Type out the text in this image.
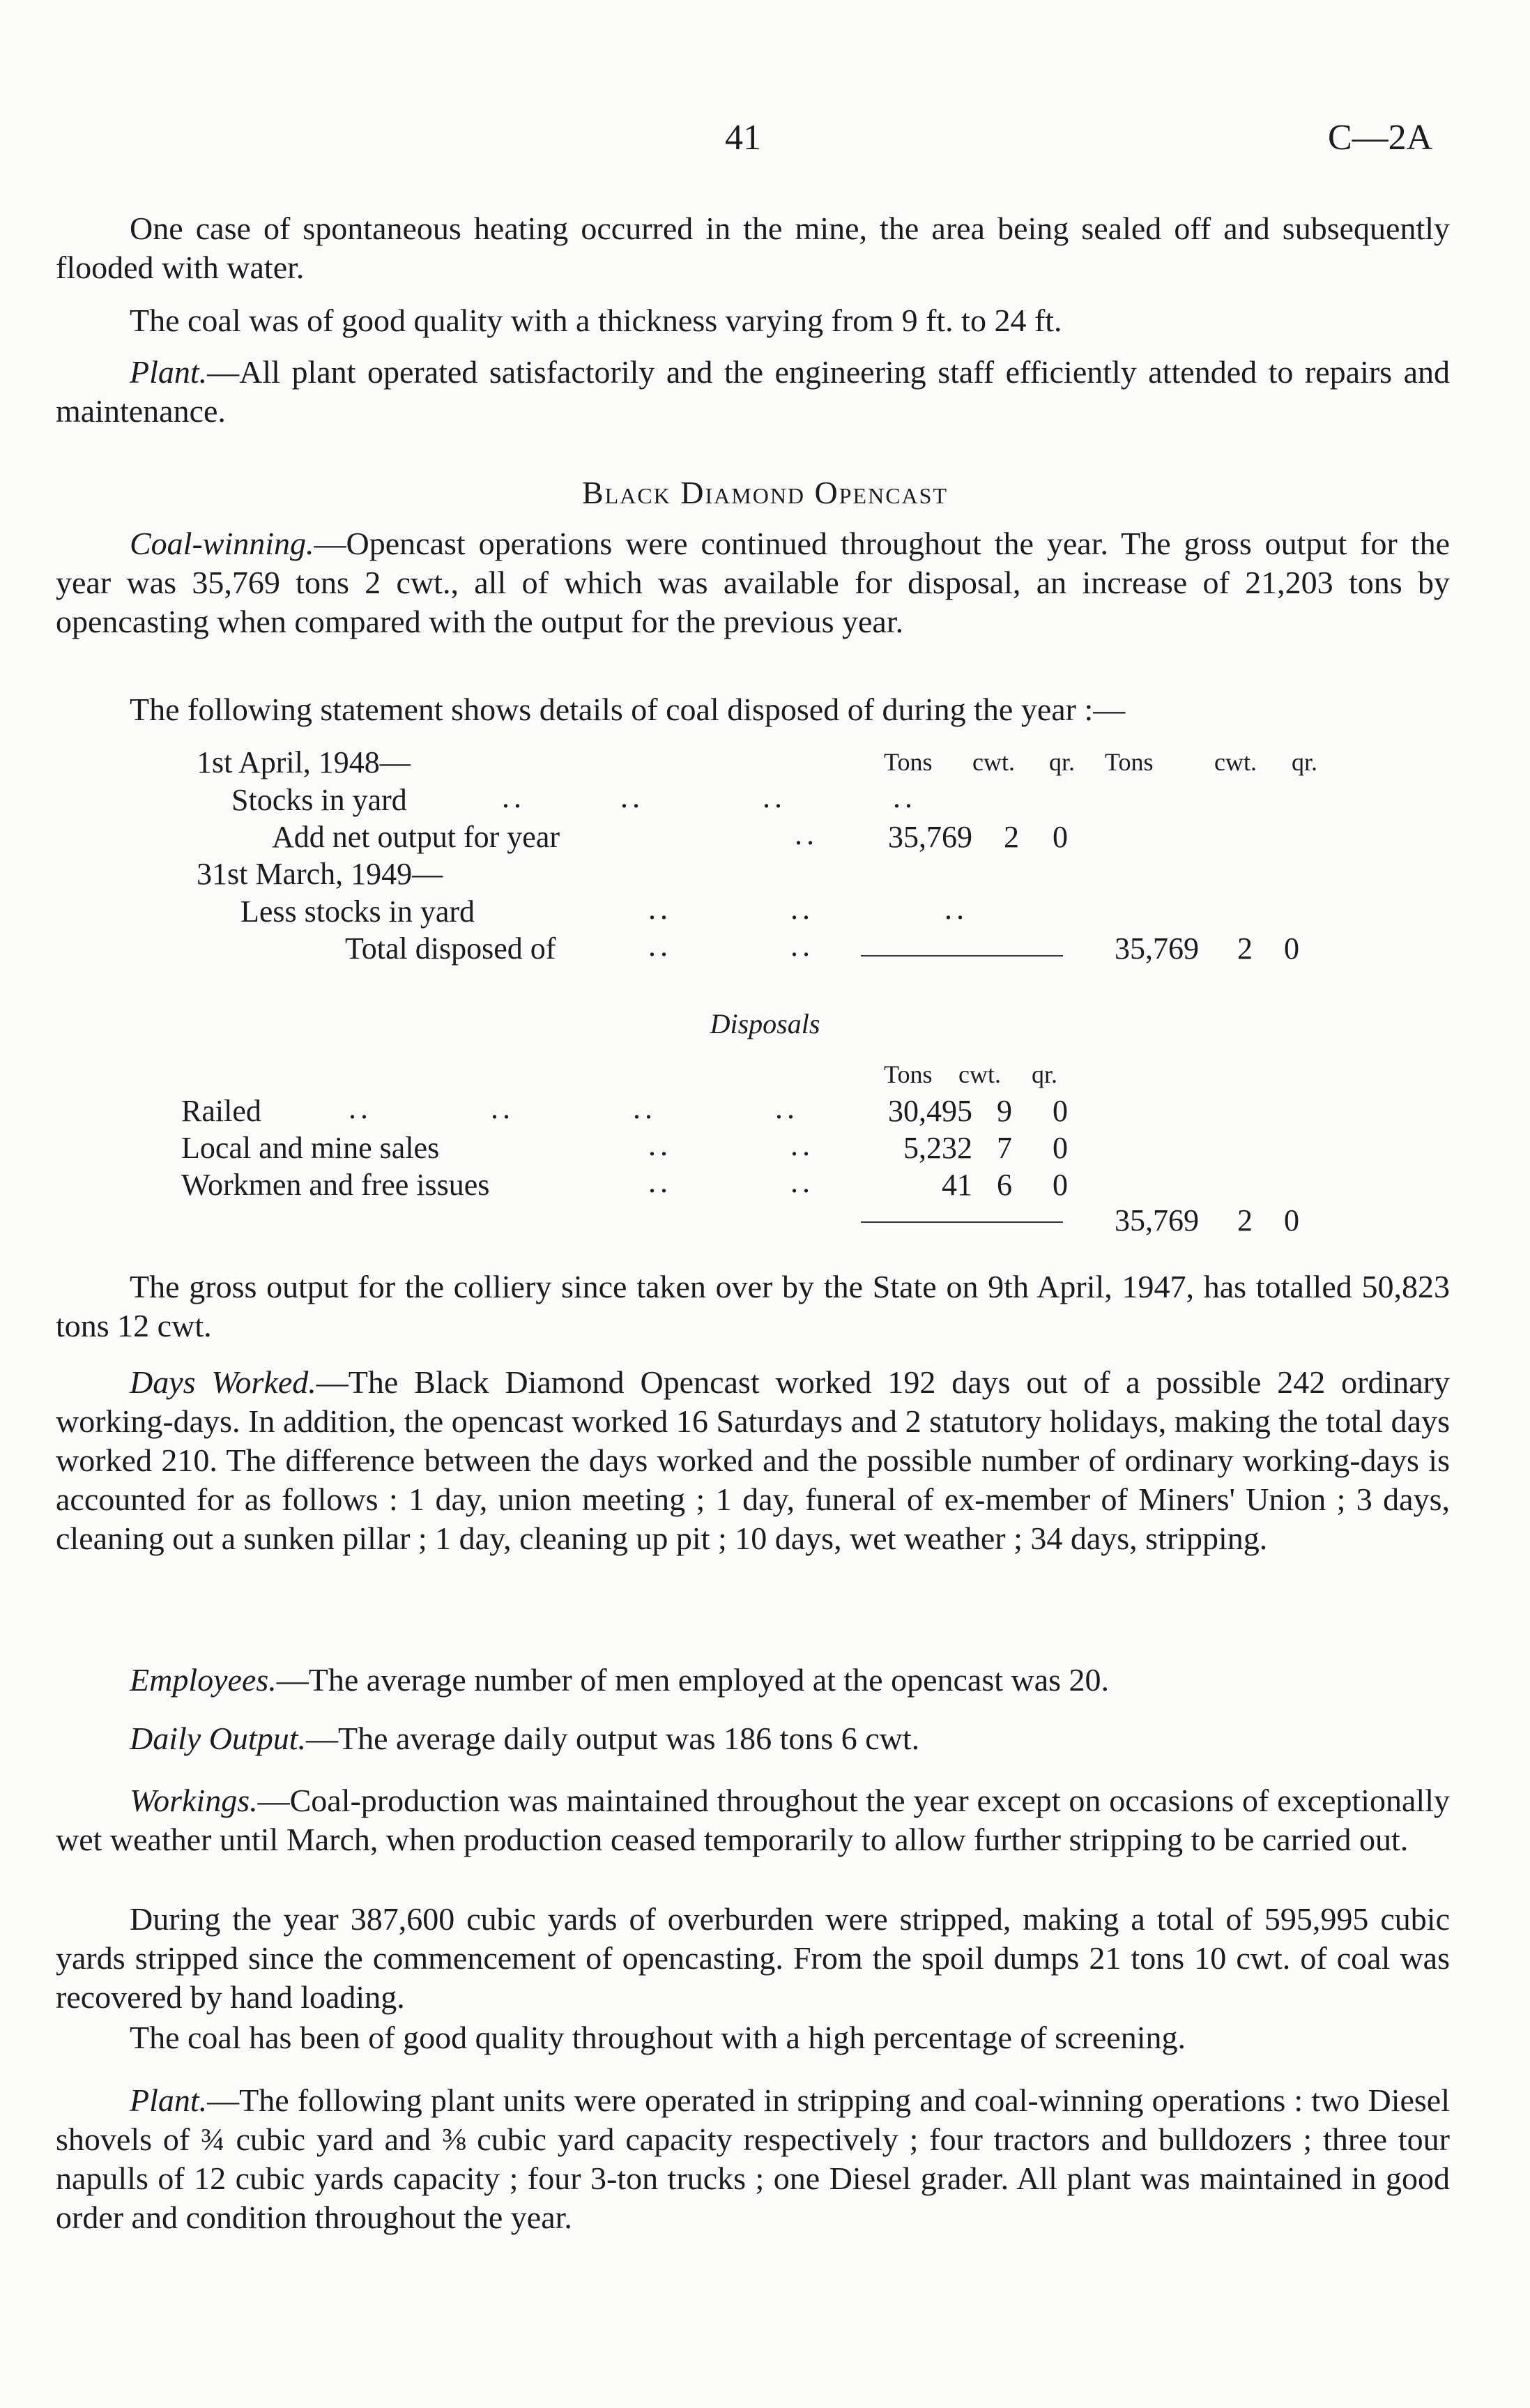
41	C—2A
One case of spontaneous heating occurred in the mine, the area being sealed off and subsequently flooded with water.
The coal was of good quality with a thickness varying from 9 ft. to 24 ft.
Plant.—All plant operated satisfactorily and the engineering staff efficiently attended to repairs and maintenance.
Black Diamond Opencast
Coal-winning.—Opencast operations were continued throughout the year. The gross output for the year was 35,769 tons 2 cwt., all of which was available for disposal, an increase of 21,203 tons by opencasting when compared with the output for the previous year.
The following statement shows details of coal disposed of during the year :—
Tons cwt. qr. Tons cwt. qr.
1st April, 1948—
Stocks in yard	..        ..          ..         ..
Add net output for year	..	35,769 2 0
31st March, 1949—
Less stocks in yard	..          ..           ..
Total disposed of	..          ..	35,769 2 0
Disposals
Tons cwt. qr.
Railed	..          ..          ..          ..	30,495 9 0
Local and mine sales	..          ..	5,232 7 0
Workmen and free issues	..          ..	41 6 0
35,769 2 0
The gross output for the colliery since taken over by the State on 9th April, 1947, has totalled 50,823 tons 12 cwt.
Days Worked.—The Black Diamond Opencast worked 192 days out of a possible 242 ordinary working-days. In addition, the opencast worked 16 Saturdays and 2 statutory holidays, making the total days worked 210. The difference between the days worked and the possible number of ordinary working-days is accounted for as follows : 1 day, union meeting ; 1 day, funeral of ex-member of Miners' Union ; 3 days, cleaning out a sunken pillar ; 1 day, cleaning up pit ; 10 days, wet weather ; 34 days, stripping.
Employees.—The average number of men employed at the opencast was 20.
Daily Output.—The average daily output was 186 tons 6 cwt.
Workings.—Coal-production was maintained throughout the year except on occasions of exceptionally wet weather until March, when production ceased temporarily to allow further stripping to be carried out.
During the year 387,600 cubic yards of overburden were stripped, making a total of 595,995 cubic yards stripped since the commencement of opencasting. From the spoil dumps 21 tons 10 cwt. of coal was recovered by hand loading.
The coal has been of good quality throughout with a high percentage of screening.
Plant.—The following plant units were operated in stripping and coal-winning operations : two Diesel shovels of ¾ cubic yard and ⅜ cubic yard capacity respectively ; four tractors and bulldozers ; three tour napulls of 12 cubic yards capacity ; four 3-ton trucks ; one Diesel grader. All plant was maintained in good order and condition throughout the year.
